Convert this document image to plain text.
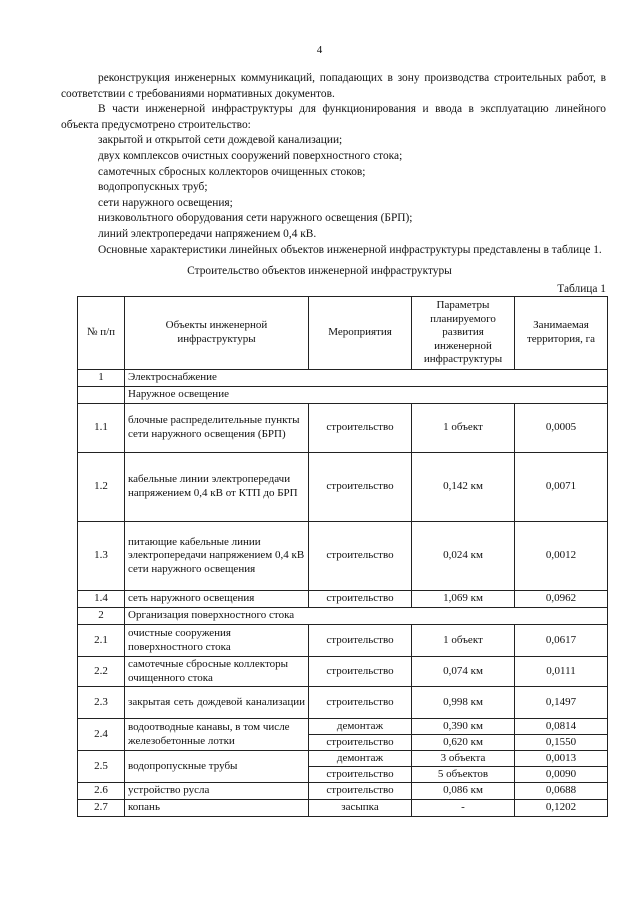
4

реконструкция инженерных коммуникаций, попадающих в зону производства строительных работ, в соответствии с требованиями нормативных документов.

В части инженерной инфраструктуры для функционирования и ввода в эксплуатацию линейного объекта предусмотрено строительство:

закрытой и открытой сети дождевой канализации;

двух комплексов очистных сооружений поверхностного стока;

самотечных сбросных коллекторов очищенных стоков;

водопропускных труб;

сети наружного освещения;

низковольтного оборудования сети наружного освещения (БРП);

линий электропередачи напряжением 0,4 кВ.

Основные характеристики линейных объектов инженерной инфраструктуры представлены в таблице 1.

Строительство объектов инженерной инфраструктуры
Таблица 1
№ п/п	Объекты инженерной инфраструктуры	Мероприятия	Параметры планируемого развития инженерной инфраструктуры	Занимаемая территория, га
1	Электроснабжение			
	Наружное освещение			
1.1	блочные распределительные пункты сети наружного освещения (БРП)	строительство	1 объект	0,0005
1.2	кабельные линии электропередачи напряжением 0,4 кВ от КТП до БРП	строительство	0,142 км	0,0071
1.3	питающие кабельные линии электропередачи напряжением 0,4 кВ сети наружного освещения	строительство	0,024 км	0,0012
1.4	сеть наружного освещения	строительство	1,069 км	0,0962
2	Организация поверхностного стока			
2.1	очистные сооружения поверхностного стока	строительство	1 объект	0,0617
2.2	самотечные сбросные коллекторы очищенного стока	строительство	0,074 км	0,0111
2.3	закрытая сеть дождевой канализации	строительство	0,998 км	0,1497
2.4	водоотводные канавы, в том числе железобетонные лотки	демонтаж	0,390 км	0,0814
		строительство	0,620 км	0,1550
2.5	водопропускные трубы	демонтаж	3 объекта	0,0013
		строительство	5 объектов	0,0090
2.6	устройство русла	строительство	0,086 км	0,0688
2.7	копань	засыпка	-	0,1202
